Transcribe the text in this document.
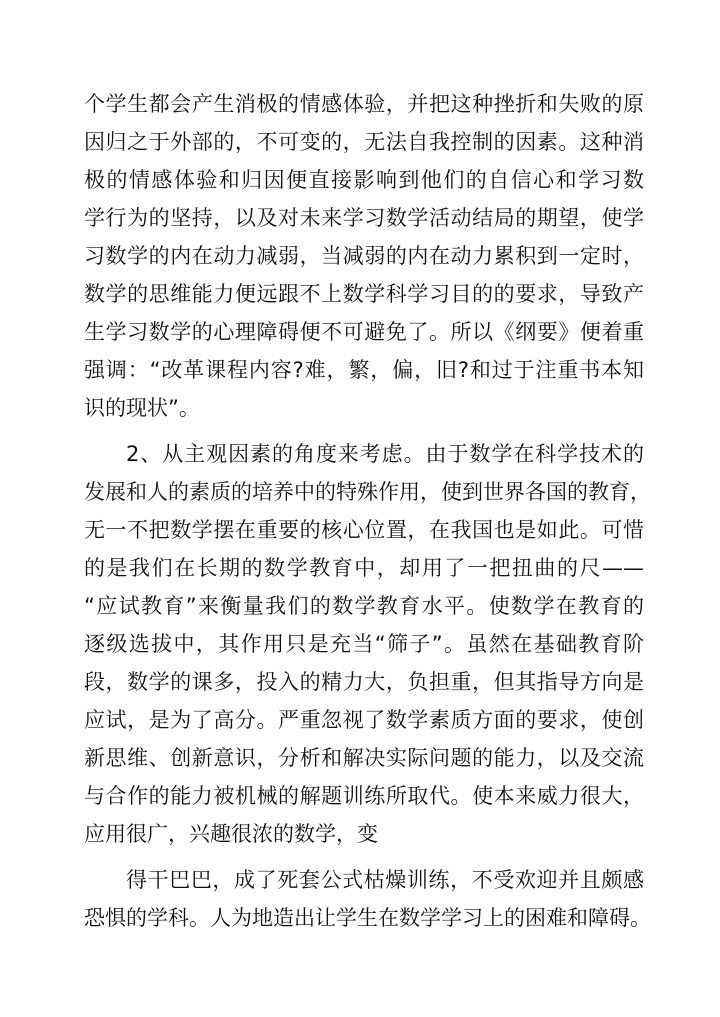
个学生都会产生消极的情感体验，并把这种挫折和失败的原
因归之于外部的，不可变的，无法自我控制的因素。这种消
极的情感体验和归因便直接影响到他们的自信心和学习数
学行为的坚持，以及对未来学习数学活动结局的期望，使学
习数学的内在动力减弱，当减弱的内在动力累积到一定时，
数学的思维能力便远跟不上数学科学习目的的要求，导致产
生学习数学的心理障碍便不可避免了。所以《纲要》便着重
强调：“改革课程内容?难，繁，偏，旧?和过于注重书本知
识的现状”。
2、从主观因素的角度来考虑。由于数学在科学技术的
发展和人的素质的培养中的特殊作用，使到世界各国的教育，
无一不把数学摆在重要的核心位置，在我国也是如此。可惜
的是我们在长期的数学教育中，却用了一把扭曲的尺——
“应试教育”来衡量我们的数学教育水平。使数学在教育的
逐级选拔中，其作用只是充当“筛子”。虽然在基础教育阶
段，数学的课多，投入的精力大，负担重，但其指导方向是
应试，是为了高分。严重忽视了数学素质方面的要求，使创
新思维、创新意识，分析和解决实际问题的能力，以及交流
与合作的能力被机械的解题训练所取代。使本来威力很大，
应用很广，兴趣很浓的数学，变
得干巴巴，成了死套公式枯燥训练，不受欢迎并且颇感
恐惧的学科。人为地造出让学生在数学学习上的困难和障碍。
